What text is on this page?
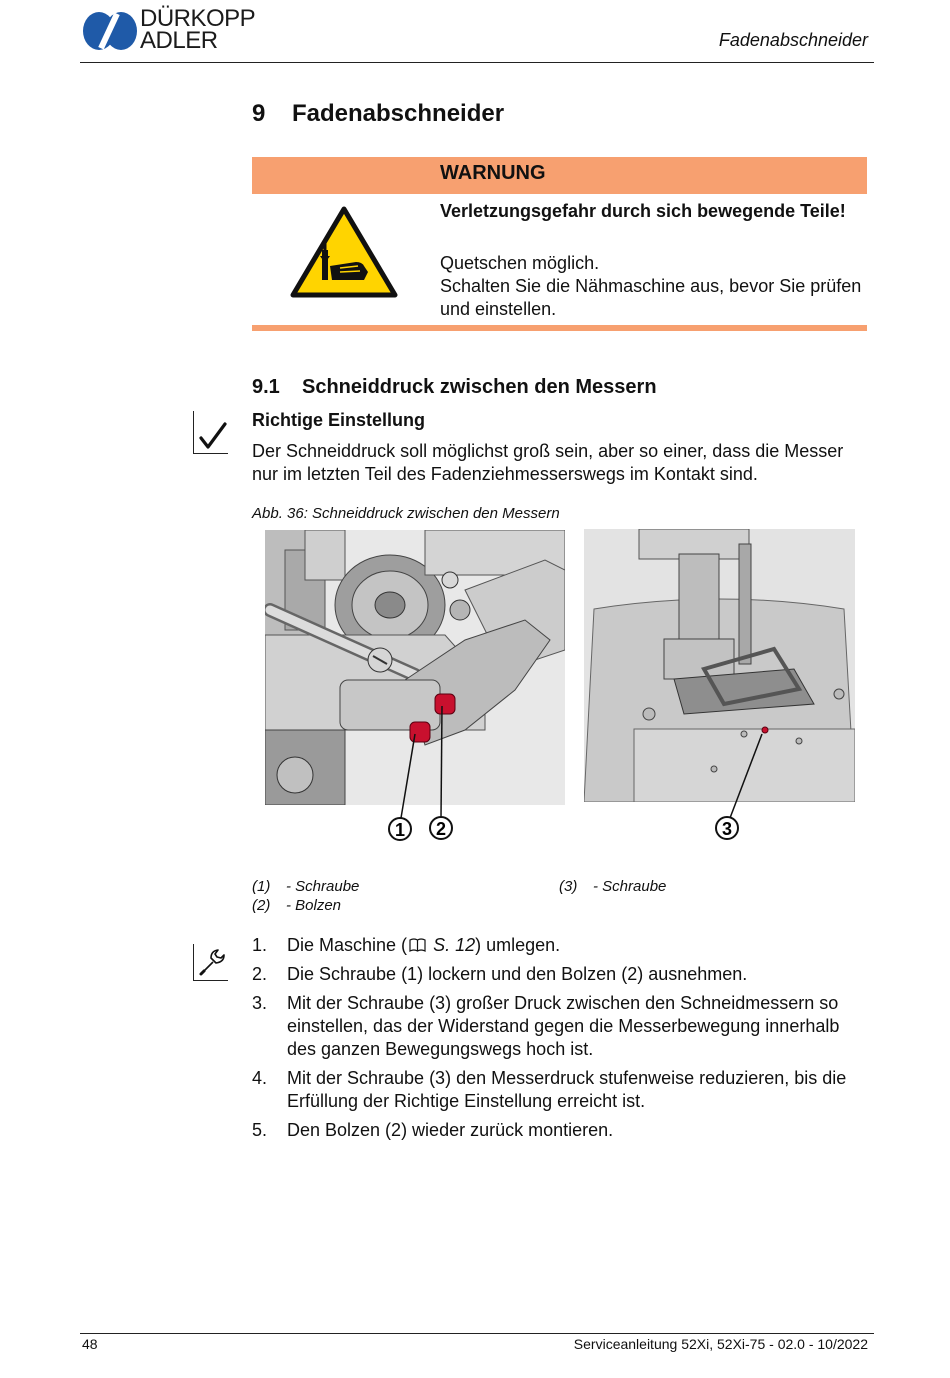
DÜRKOPP
ADLER	Fadenabschneider
9 Fadenabschneider
WARNUNG
Verletzungsgefahr durch sich bewegende Teile!
Quetschen möglich.
Schalten Sie die Nähmaschine aus, bevor Sie prüfen und einstellen.
9.1 Schneiddruck zwischen den Messern
Richtige Einstellung
Der Schneiddruck soll möglichst groß sein, aber so einer, dass die Messer nur im letzten Teil des Fadenziehmesserswegs im Kontakt sind.
Abb. 36: Schneiddruck zwischen den Messern
1 2	3
(1) - Schraube
(2) - Bolzen
(3) - Schraube
1. Die Maschine ( S. 12) umlegen.
2. Die Schraube (1) lockern und den Bolzen (2) ausnehmen.
3. Mit der Schraube (3) großer Druck zwischen den Schneidmessern so einstellen, das der Widerstand gegen die Messerbewegung innerhalb des ganzen Bewegungswegs hoch ist.
4. Mit der Schraube (3) den Messerdruck stufenweise reduzieren, bis die Erfüllung der Richtige Einstellung erreicht ist.
5. Den Bolzen (2) wieder zurück montieren.
48	Serviceanleitung 52Xi, 52Xi-75 - 02.0 - 10/2022
